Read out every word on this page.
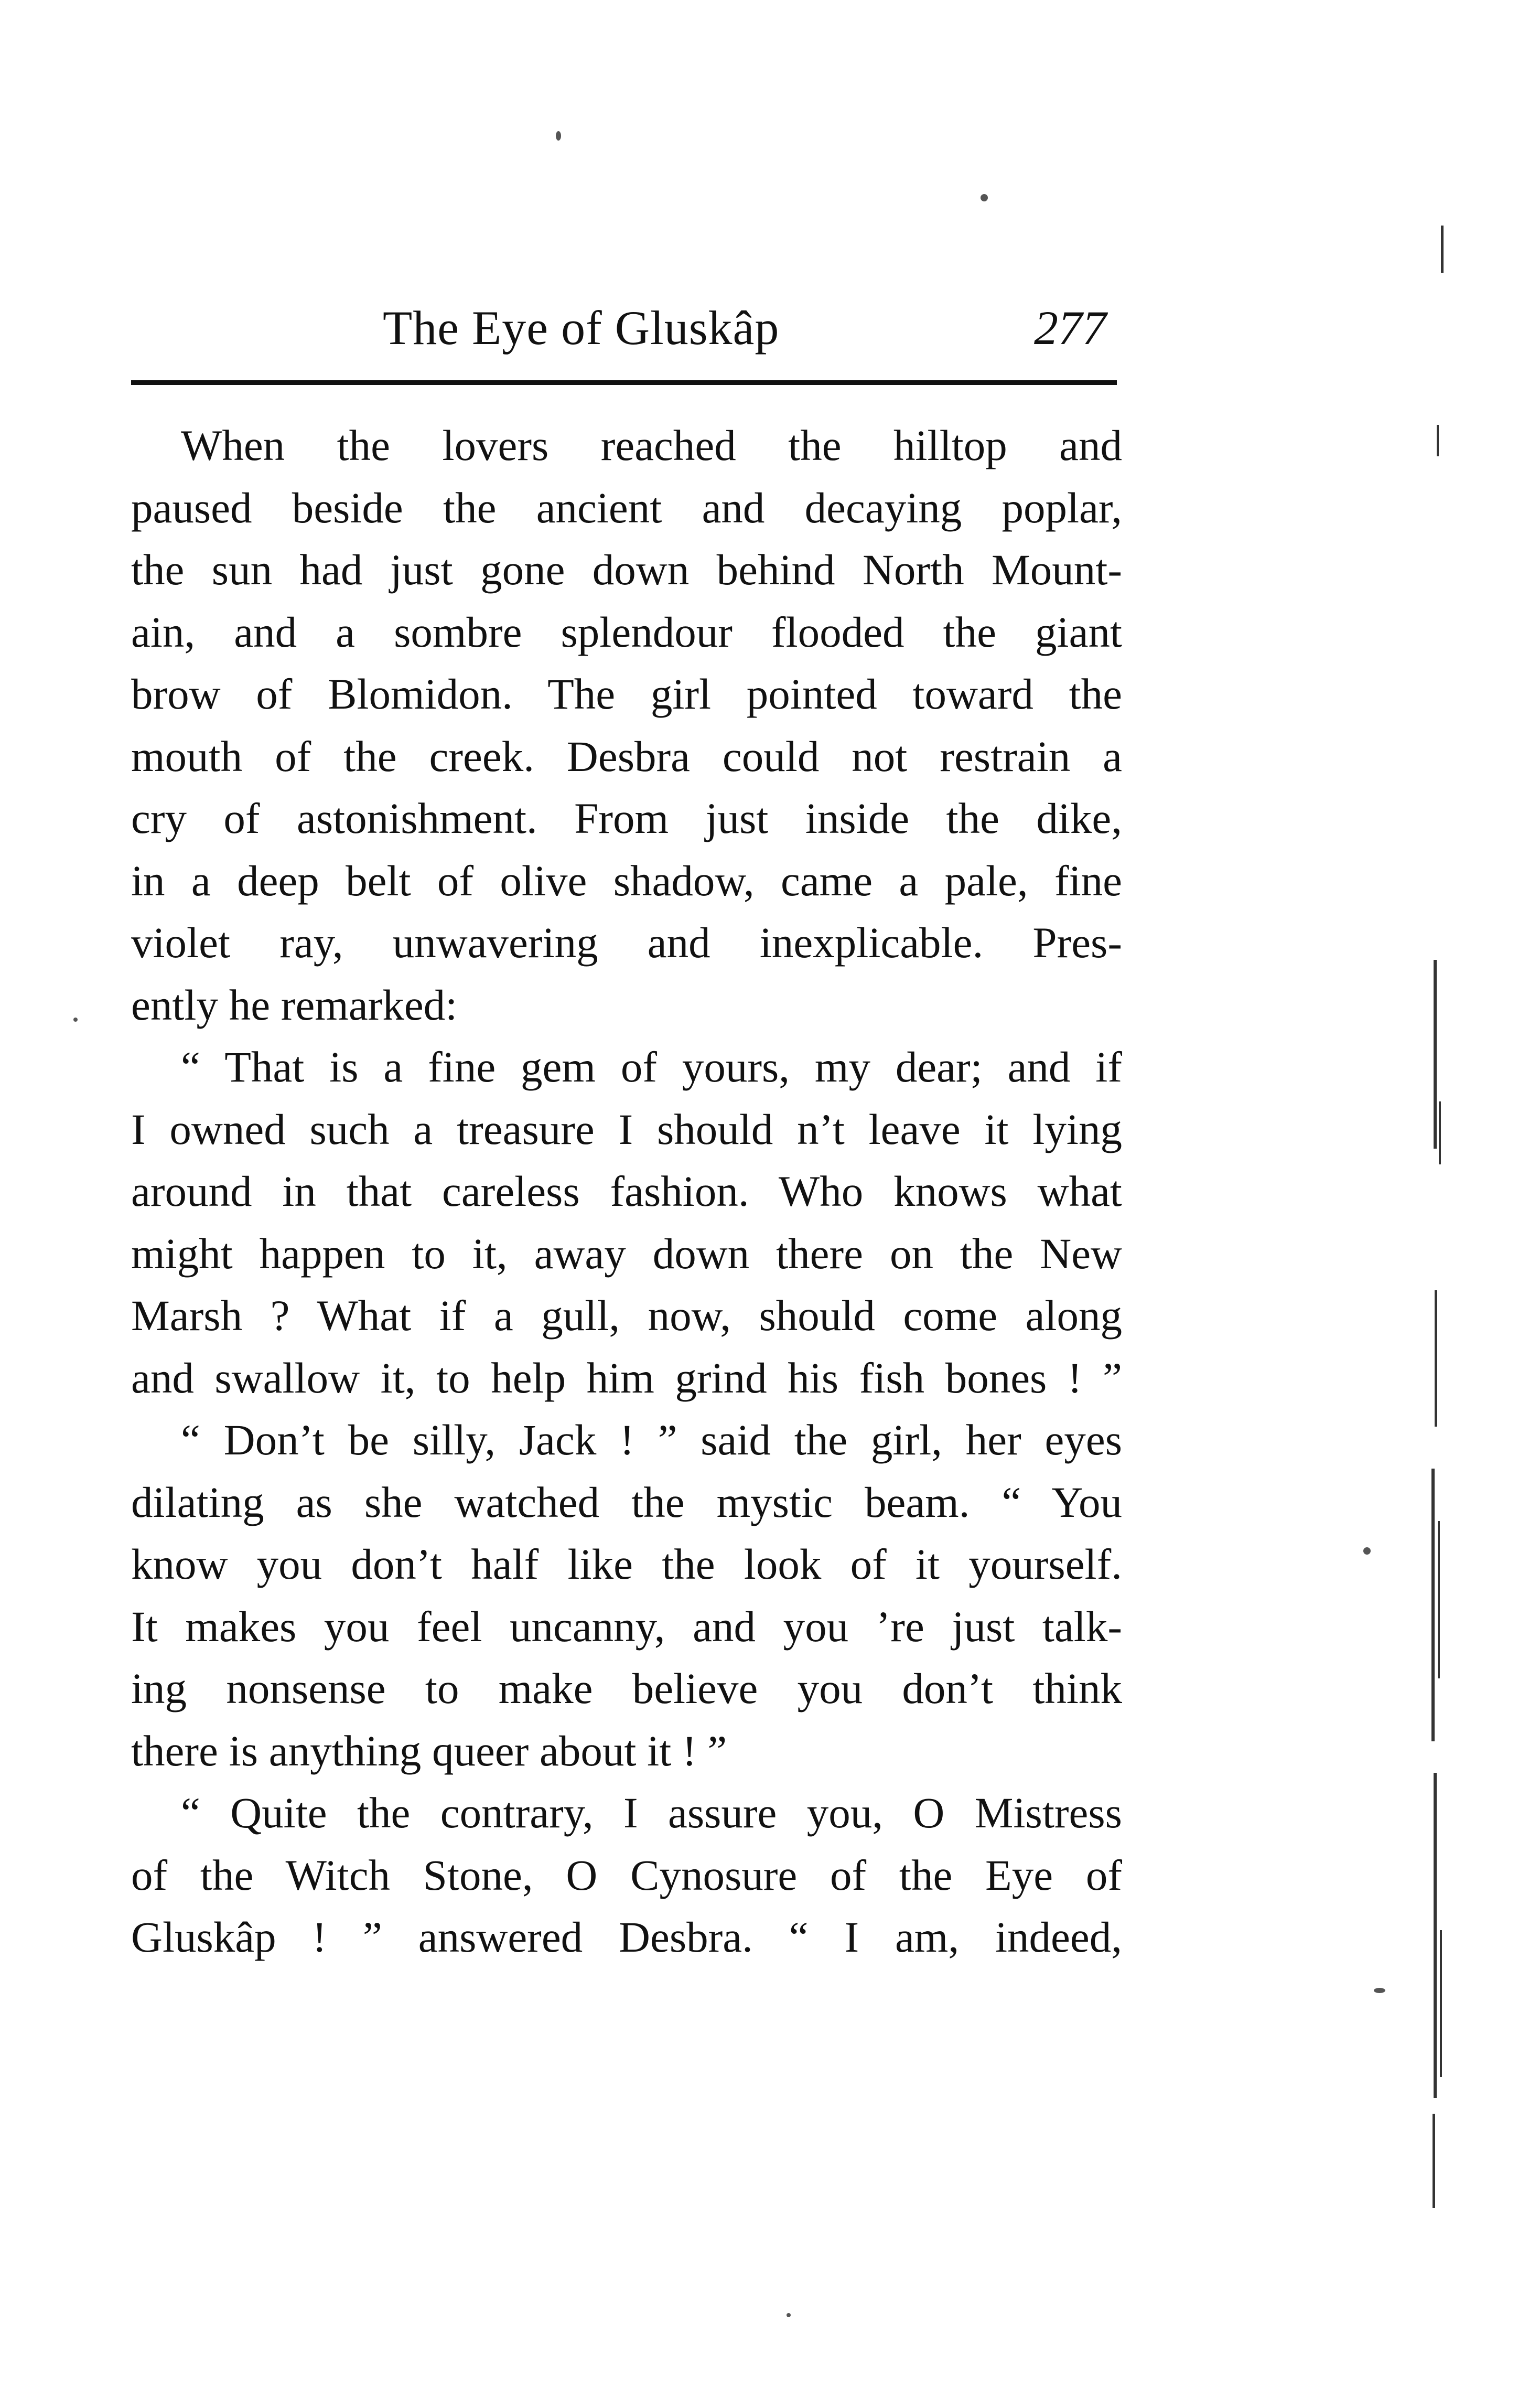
The Eye of Gluskâp	277
When the lovers reached the hilltop and
paused beside the ancient and decaying poplar,
the sun had just gone down behind North Mount-
ain, and a sombre splendour flooded the giant
brow of Blomidon. The girl pointed toward the
mouth of the creek. Desbra could not restrain a
cry of astonishment. From just inside the dike,
in a deep belt of olive shadow, came a pale, fine
violet ray, unwavering and inexplicable. Pres-
ently he remarked:
“ That is a fine gem of yours, my dear; and if
I owned such a treasure I should n’t leave it lying
around in that careless fashion. Who knows what
might happen to it, away down there on the New
Marsh ? What if a gull, now, should come along
and swallow it, to help him grind his fish bones ! ”
“ Don’t be silly, Jack ! ” said the girl, her eyes
dilating as she watched the mystic beam. “ You
know you don’t half like the look of it yourself.
It makes you feel uncanny, and you ’re just talk-
ing nonsense to make believe you don’t think
there is anything queer about it ! ”
“ Quite the contrary, I assure you, O Mistress
of the Witch Stone, O Cynosure of the Eye of
Gluskâp ! ” answered Desbra. “ I am, indeed,
